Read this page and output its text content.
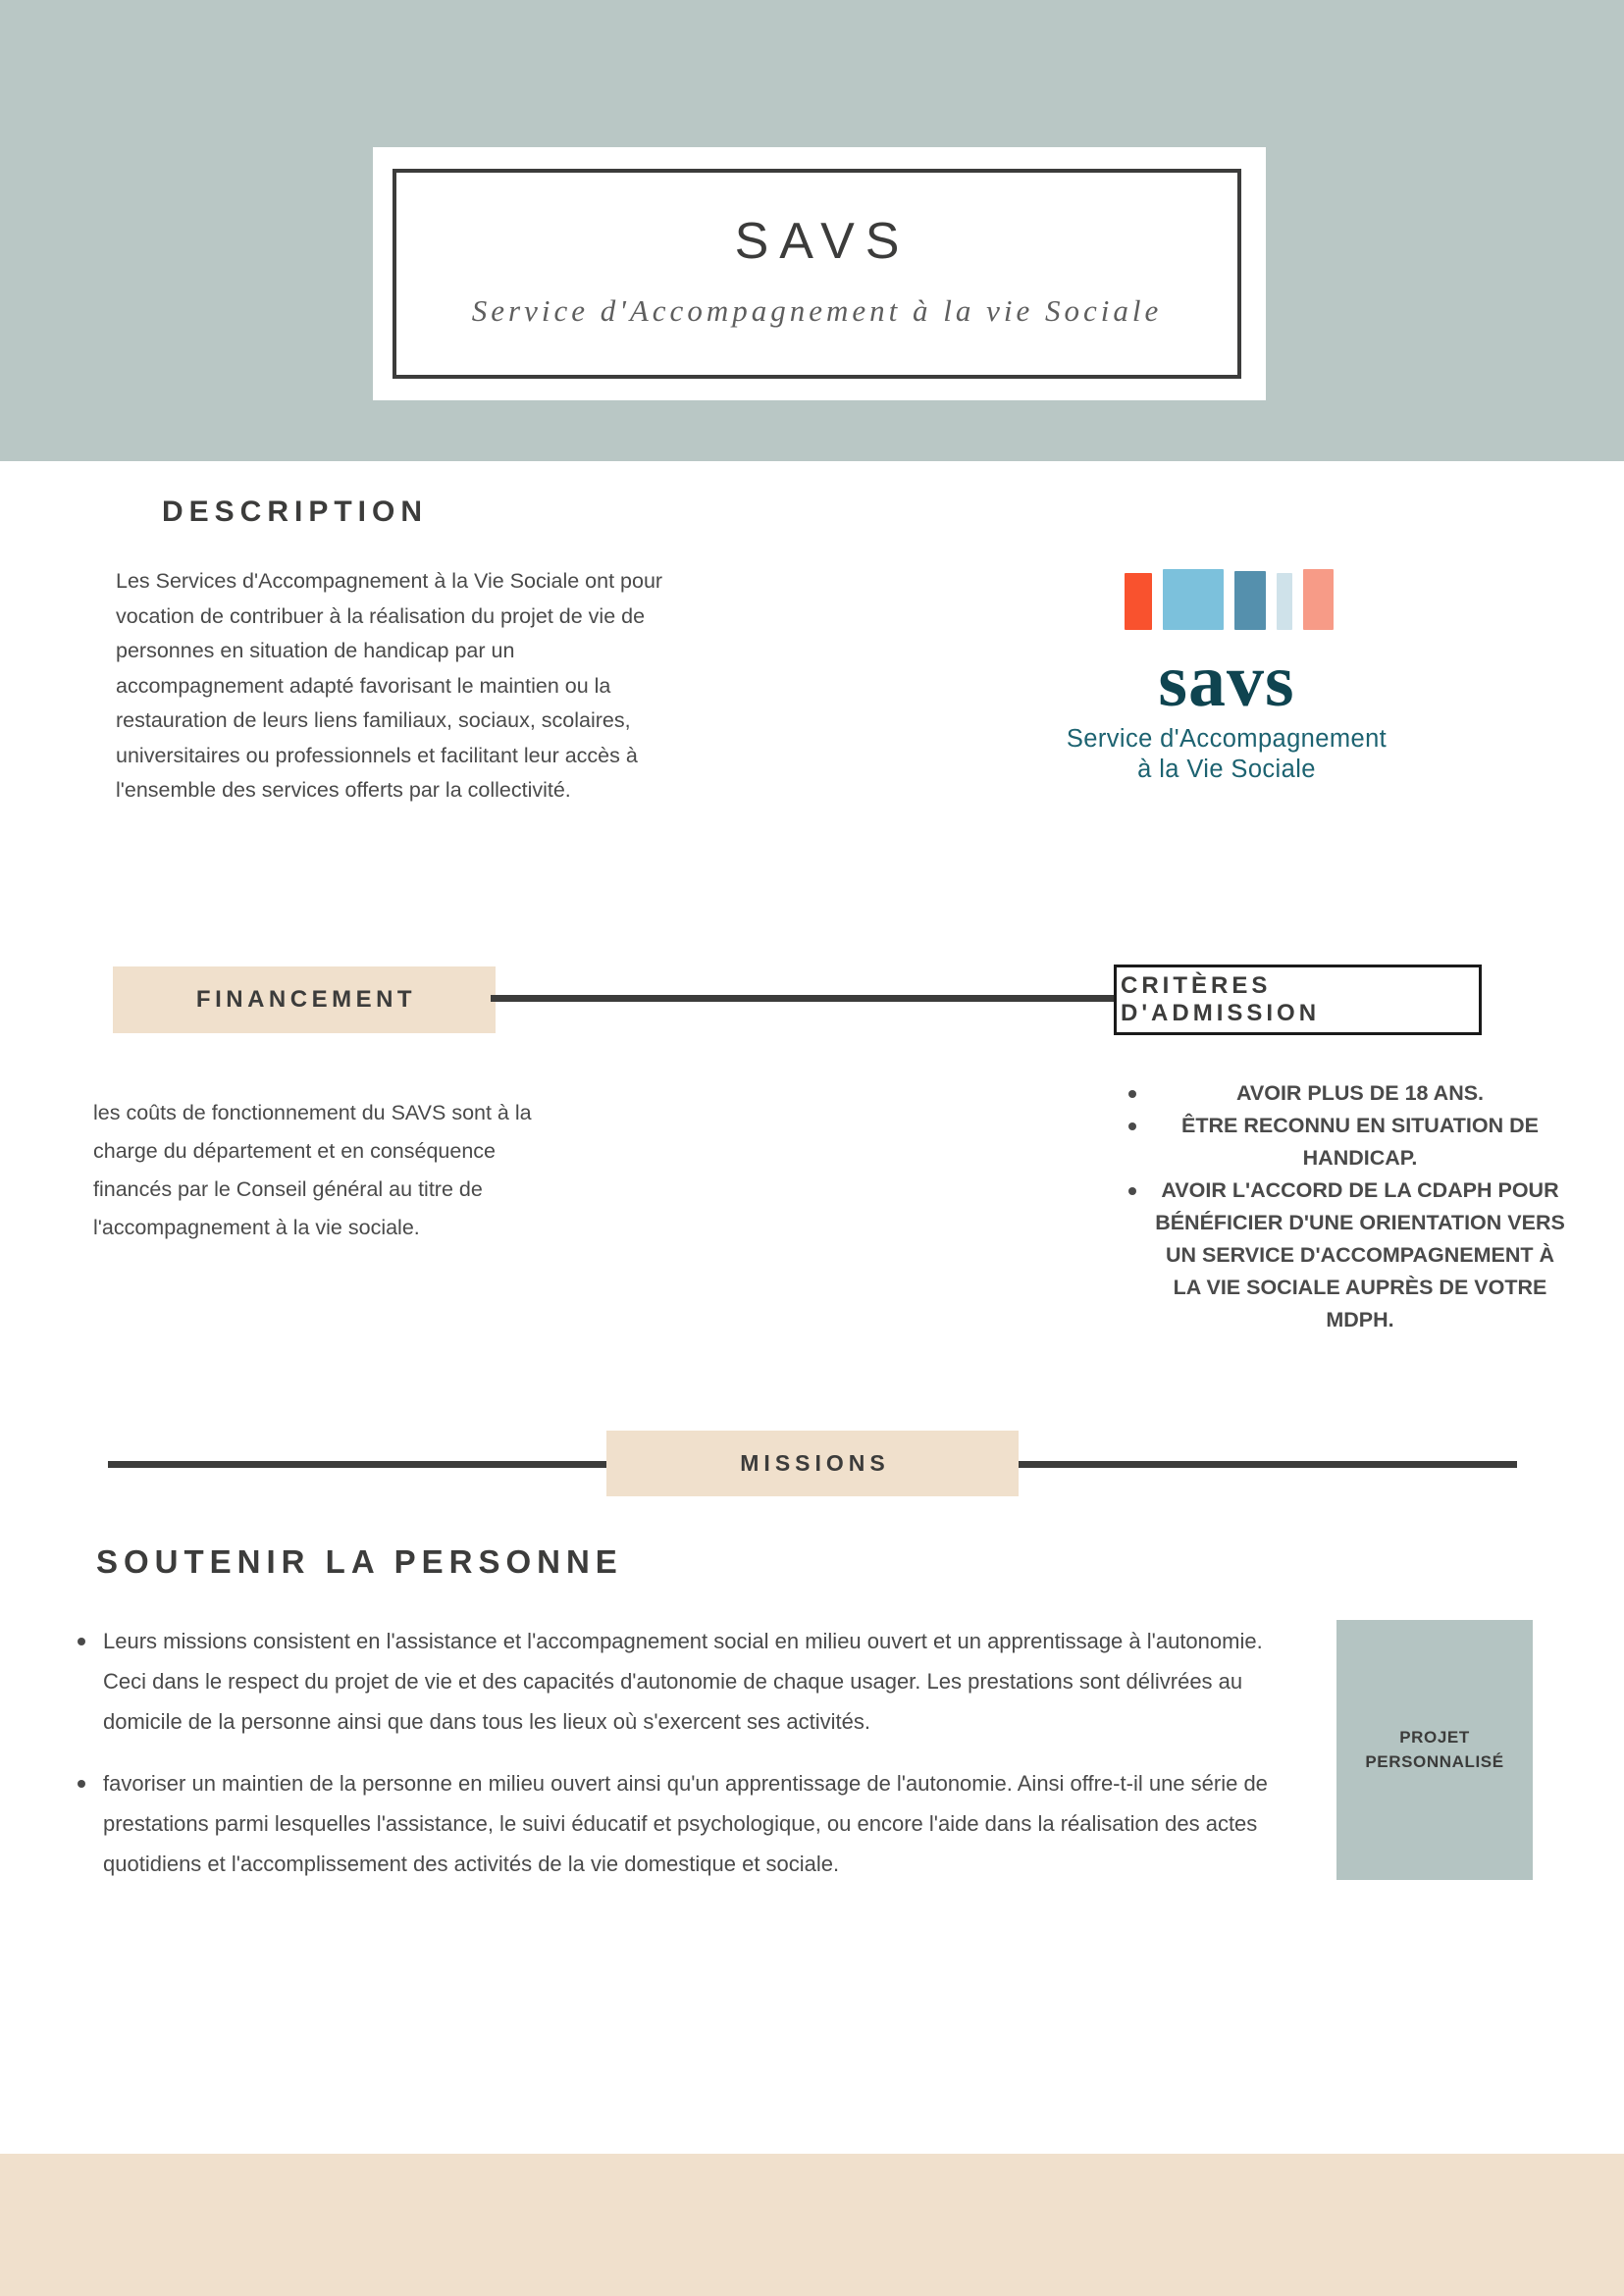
SAVS
Service d'Accompagnement à la vie Sociale
DESCRIPTION
Les Services d'Accompagnement à la Vie Sociale ont pour vocation de contribuer à la réalisation du projet de vie de personnes en situation de handicap par un accompagnement adapté favorisant le maintien ou la restauration de leurs liens familiaux, sociaux, scolaires, universitaires ou professionnels et facilitant leur accès à l'ensemble des services offerts par la collectivité.
savs
Service d'Accompagnement
à la Vie Sociale
FINANCEMENT
les coûts de fonctionnement du SAVS sont à la charge du département et en conséquence financés par le Conseil général au titre de l'accompagnement à la vie sociale.
CRITÈRES D'ADMISSION
AVOIR PLUS DE 18 ANS.
ÊTRE RECONNU EN SITUATION DE HANDICAP.
AVOIR L'ACCORD DE LA CDAPH POUR BÉNÉFICIER D'UNE ORIENTATION VERS UN SERVICE D'ACCOMPAGNEMENT À LA VIE SOCIALE AUPRÈS DE VOTRE MDPH.
MISSIONS
SOUTENIR LA PERSONNE
Leurs missions consistent en l'assistance et l'accompagnement social en milieu ouvert et un apprentissage à l'autonomie. Ceci dans le respect du projet de vie et des capacités d'autonomie de chaque usager. Les prestations sont délivrées au domicile de la personne ainsi que dans tous les lieux où s'exercent ses activités.
favoriser un maintien de la personne en milieu ouvert ainsi qu'un apprentissage de l'autonomie. Ainsi offre-t-il une série de prestations parmi lesquelles l'assistance, le suivi éducatif et psychologique, ou encore l'aide dans la réalisation des actes quotidiens et l'accomplissement des activités de la vie domestique et sociale.
PROJET
PERSONNALISÉ
